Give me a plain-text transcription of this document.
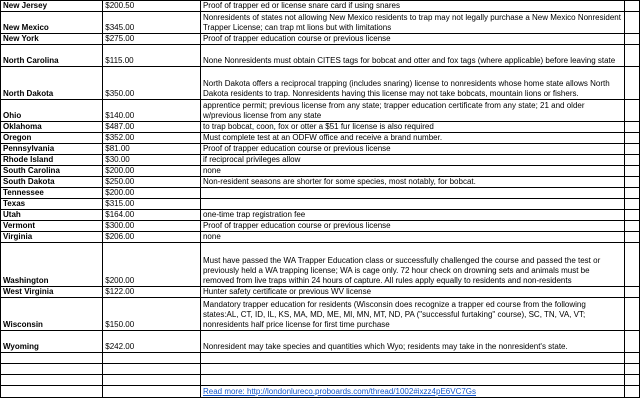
New Jersey	$200.50	Proof of trapper ed or license snare card if using snares	
New Mexico	$345.00	Nonresidents of states not allowing New Mexico residents to trap may not legally purchase a New Mexico Nonresident Trapper License; can trap mt lions but with limitations	
New York	$275.00	Proof of trapper education course or previous license	
North Carolina	$115.00	None Nonresidents must obtain CITES tags for bobcat and otter and fox tags (where applicable) before leaving state	
North Dakota	$350.00	North Dakota offers a reciprocal trapping (includes snaring) license to nonresidents whose home state allows North Dakota residents to trap. Nonresidents having this license may not take bobcats, mountain lions or fishers.	
Ohio	$140.00	apprentice permit; previous license from any state; trapper education certificate from any state; 21 and older w/previous license from any state	
Oklahoma	$487.00	to trap bobcat, coon, fox or otter a $51 fur license is also required	
Oregon	$352.00	Must complete test at an ODFW office and receive a brand number.	
Pennsylvania	$81.00	Proof of trapper education course or previous license	
Rhode Island	$30.00	if reciprocal privileges allow	
South Carolina	$200.00	none	
South Dakota	$250.00	Non-resident seasons are shorter for some species, most notably, for bobcat.	
Tennessee	$200.00		
Texas	$315.00		
Utah	$164.00	one-time trap registration fee	
Vermont	$300.00	Proof of trapper education course or previous license	
Virginia	$206.00	none	
Washington	$200.00	Must have passed the WA Trapper Education class or successfully challenged the course and passed the test or previously held a WA trapping license; WA is cage only. 72 hour check on drowning sets and animals must be removed from live traps within 24 hours of capture. All rules apply equally to residents and non-residents	
West Virginia	$122.00	Hunter safety certificate or previous WV license	
Wisconsin	$150.00	Mandatory trapper education for residents (Wisconsin does recognize a trapper ed course from the following states:AL, CT, ID, IL, KS, MA, MD, ME, MI, MN, MT, ND, PA ("successful furtaking" course), SC, TN, VA, VT; nonresidents half price license for first time purchase	
Wyoming	$242.00	Nonresident may take species and quantities which Wyo; residents may take in the nonresident's state.	

		Read more: http://londonlureco.proboards.com/thread/1002#ixzz4pE6VC7Gs	
